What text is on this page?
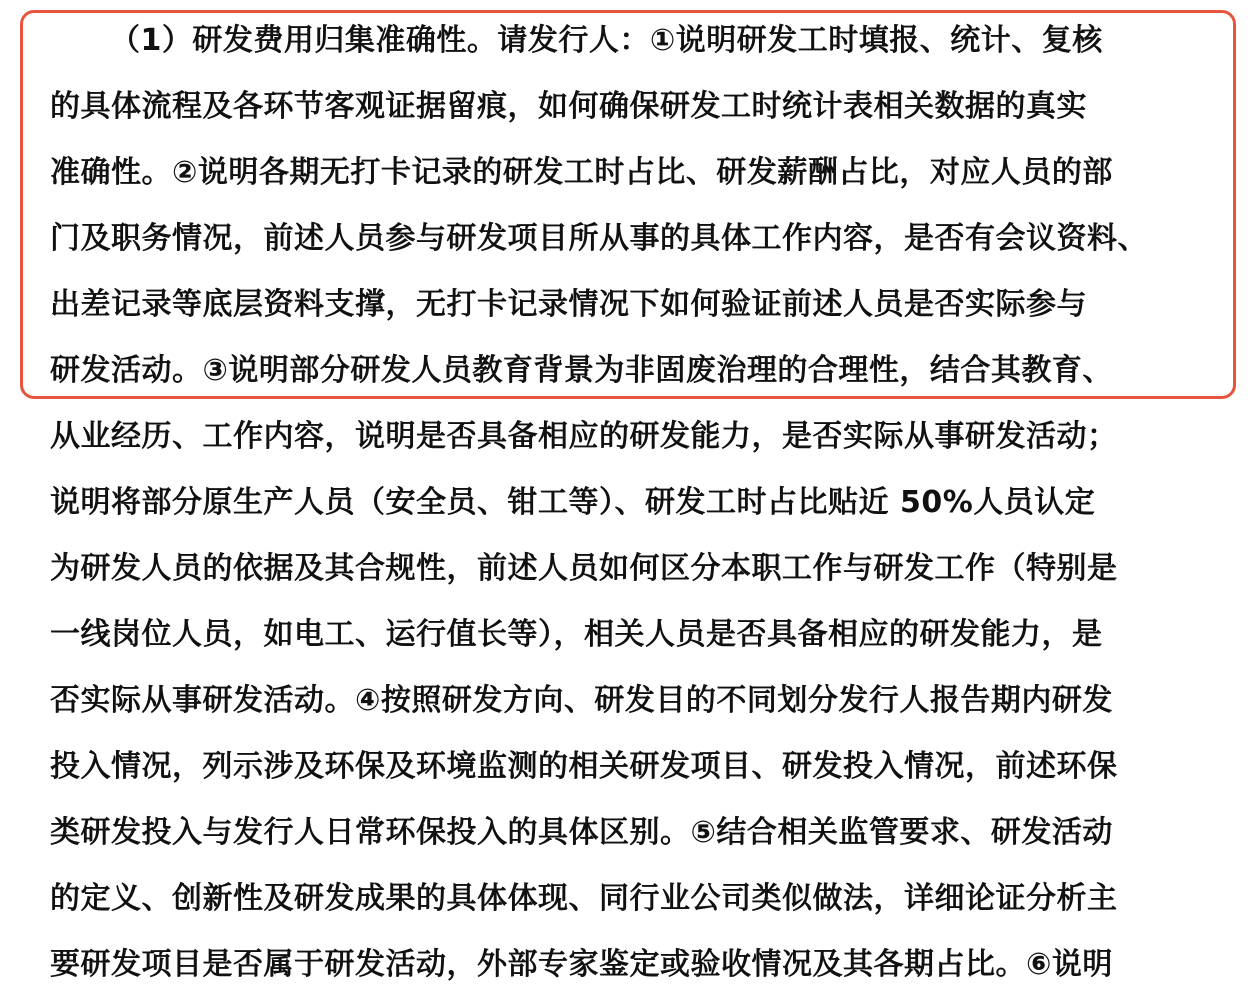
（1）研发费用归集准确性。请发行人：①说明研发工时填报、统计、复核
的具体流程及各环节客观证据留痕，如何确保研发工时统计表相关数据的真实
准确性。②说明各期无打卡记录的研发工时占比、研发薪酬占比，对应人员的部
门及职务情况，前述人员参与研发项目所从事的具体工作内容，是否有会议资料、
出差记录等底层资料支撑，无打卡记录情况下如何验证前述人员是否实际参与
研发活动。③说明部分研发人员教育背景为非固废治理的合理性，结合其教育、
从业经历、工作内容，说明是否具备相应的研发能力，是否实际从事研发活动；
说明将部分原生产人员（安全员、钳工等）、研发工时占比贴近 50%人员认定
为研发人员的依据及其合规性，前述人员如何区分本职工作与研发工作（特别是
一线岗位人员，如电工、运行值长等），相关人员是否具备相应的研发能力，是
否实际从事研发活动。④按照研发方向、研发目的不同划分发行人报告期内研发
投入情况，列示涉及环保及环境监测的相关研发项目、研发投入情况，前述环保
类研发投入与发行人日常环保投入的具体区别。⑤结合相关监管要求、研发活动
的定义、创新性及研发成果的具体体现、同行业公司类似做法，详细论证分析主
要研发项目是否属于研发活动，外部专家鉴定或验收情况及其各期占比。⑥说明
